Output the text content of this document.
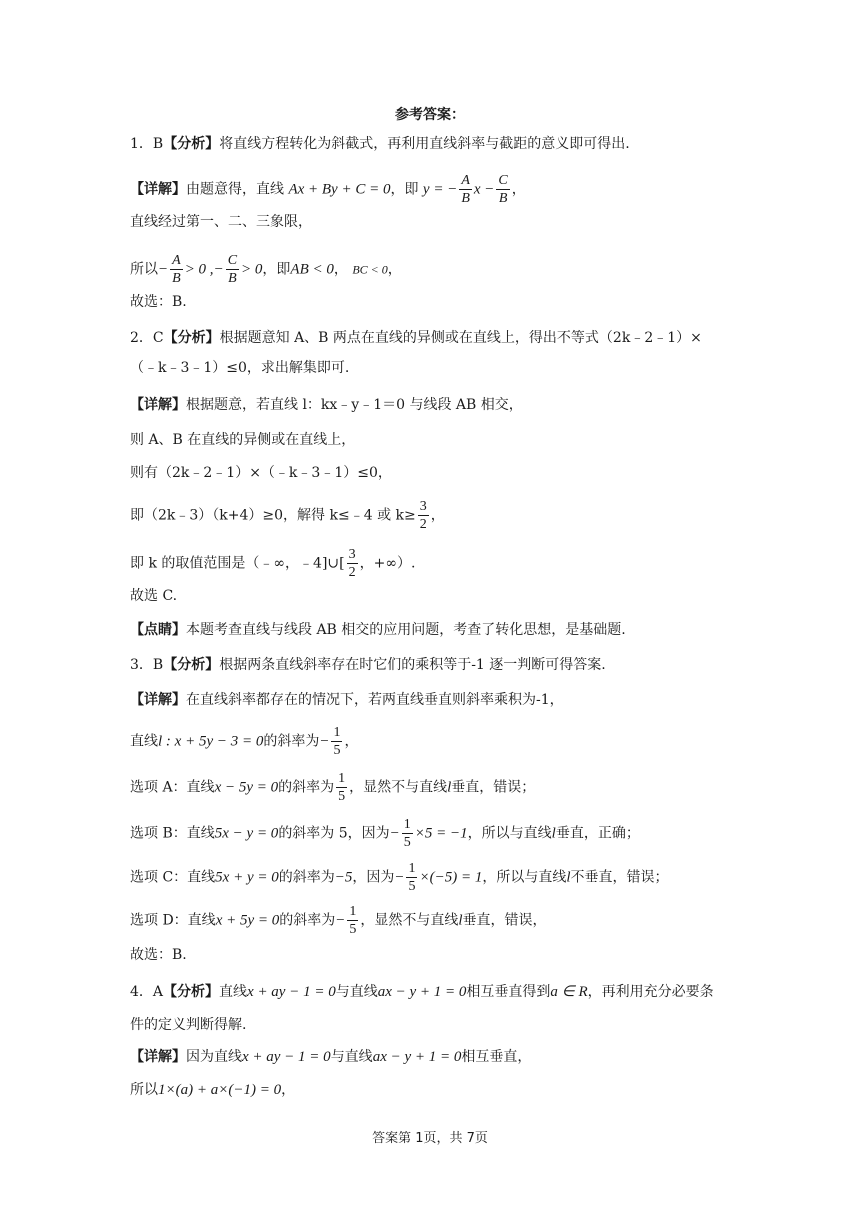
参考答案：
1．B【分析】将直线方程转化为斜截式，再利用直线斜率与截距的意义即可得出.
【详解】由题意得，直线 Ax + By + C = 0，即 y = − $\frac{A}{B}$ $x - \frac{C}{B}$ ，
直线经过第一、二、三象限，
所以− $\frac{A}{B} > 0$ ,− $\frac{C}{B} > 0$，即AB < 0， BC < 0，
故选：B.
2．C【分析】根据题意知 A、B 两点在直线的异侧或在直线上，得出不等式（2k﹣2﹣1）×
（﹣k﹣3﹣1）≤0，求出解集即可.
【详解】根据题意，若直线 l：kx﹣y﹣1＝0 与线段 AB 相交，
则 A、B 在直线的异侧或在直线上，
则有（2k﹣2﹣1）×（﹣k﹣3﹣1）≤0，
即（2k﹣3）（k+4）≥0，解得 k≤﹣4 或 $k\ge \frac{3}{2}$ ，
即 k 的取值范围是（﹣∞，﹣4]∪[ $\frac{3}{2}$ ，+∞）.
故选 C.
【点睛】本题考查直线与线段 AB 相交的应用问题，考查了转化思想，是基础题.
3．B【分析】根据两条直线斜率存在时它们的乘积等于-1 逐一判断可得答案.
【详解】在直线斜率都存在的情况下，若两直线垂直则斜率乘积为-1，
直线l : x + 5y − 3 = 0的斜率为− $\frac{1}{5}$ ，
选项 A：直线x − 5y = 0的斜率为 $\frac{1}{5}$ ，显然不与直线l垂直，错误；
选项 B：直线5x − y = 0的斜率为 5，因为− $\frac{1}{5} \times 5 = -1$，所以与直线l垂直，正确；
选项 C：直线5x + y = 0的斜率为−5，因为− $\frac{1}{5} \times(-5) = 1$，所以与直线l不垂直，错误；
选项 D：直线x + 5y = 0的斜率为− $\frac{1}{5}$ ，显然不与直线l垂直，错误，
故选：B.
4．A【分析】直线x + ay − 1 = 0与直线ax − y + 1 = 0相互垂直得到a ∈ R，再利用充分必要条
件的定义判断得解.
【详解】因为直线x + ay − 1 = 0与直线ax − y + 1 = 0相互垂直，
所以1×(a) + a×(−1) = 0，
答案第 1页，共 7页
